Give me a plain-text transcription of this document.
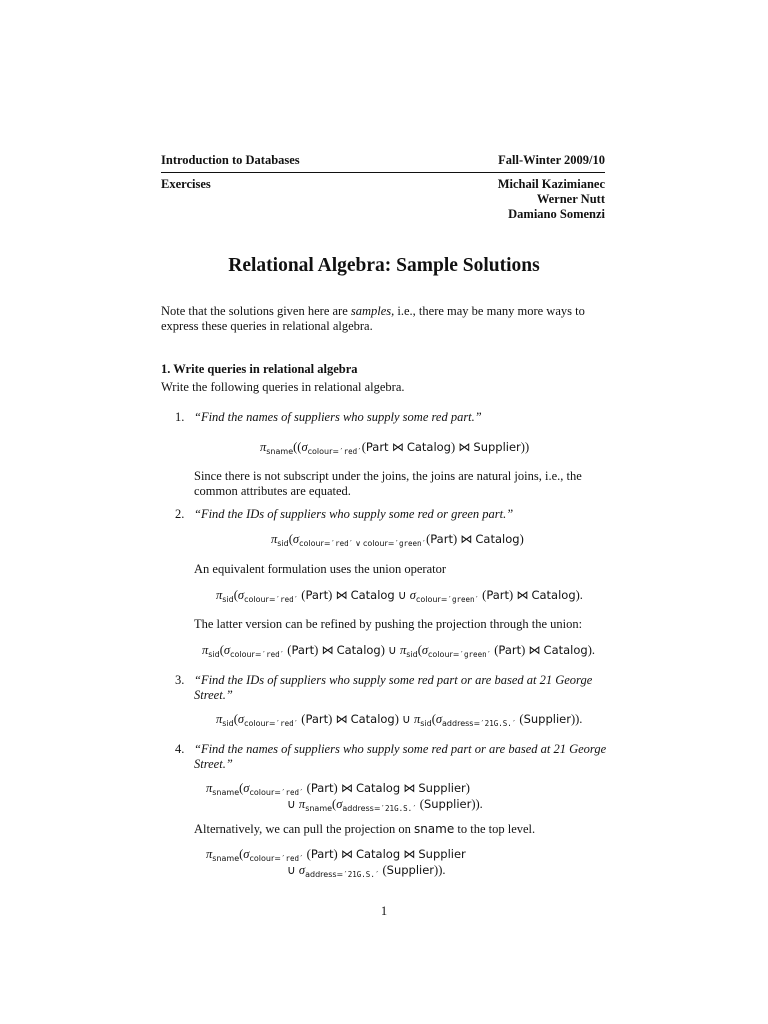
Introduction to Databases	Fall-Winter 2009/10
Exercises	Michail Kazimianec
Werner Nutt
Damiano Somenzi
Relational Algebra: Sample Solutions
Note that the solutions given here are samples, i.e., there may be many more ways to
express these queries in relational algebra.
1. Write queries in relational algebra
Write the following queries in relational algebra.
1. “Find the names of suppliers who supply some red part.”
$\pi_{sname}((\sigma_{colour='red'}(Part$ ⋈ Catalog) ⋈ Supplier))
Since there is not subscript under the joins, the joins are natural joins, i.e., the
common attributes are equated.
2. “Find the IDs of suppliers who supply some red or green part.”
$\pi_{sid}(\sigma_{colour='red' \vee colour='green'}(Part)$ ⋈ Catalog)
An equivalent formulation uses the union operator
$\pi_{sid}(\sigma_{colour='red'}$ (Part) ⋈ Catalog ∪ $\sigma_{colour='green'}$ (Part) ⋈ Catalog).
The latter version can be refined by pushing the projection through the union:
$\pi_{sid}(\sigma_{colour='red'}$ (Part) ⋈ Catalog) ∪ $\pi_{sid}(\sigma_{colour='green'}$ (Part) ⋈ Catalog).
3. “Find the IDs of suppliers who supply some red part or are based at 21 George
Street.”
$\pi_{sid}(\sigma_{colour='red'}$ (Part) ⋈ Catalog) ∪ $\pi_{sid}(\sigma_{address='21G.S.'}$ (Supplier)).
4. “Find the names of suppliers who supply some red part or are based at 21 George
Street.”
$\pi_{sname}(\sigma_{colour='red'}$ (Part) ⋈ Catalog ⋈ Supplier)
∪ $\pi_{sname}(\sigma_{address='21G.S.'}$ (Supplier)).
Alternatively, we can pull the projection on sname to the top level.
$\pi_{sname}(\sigma_{colour='red'}$ (Part) ⋈ Catalog ⋈ Supplier
∪ $\sigma_{address='21G.S.'}$ (Supplier)).
1
